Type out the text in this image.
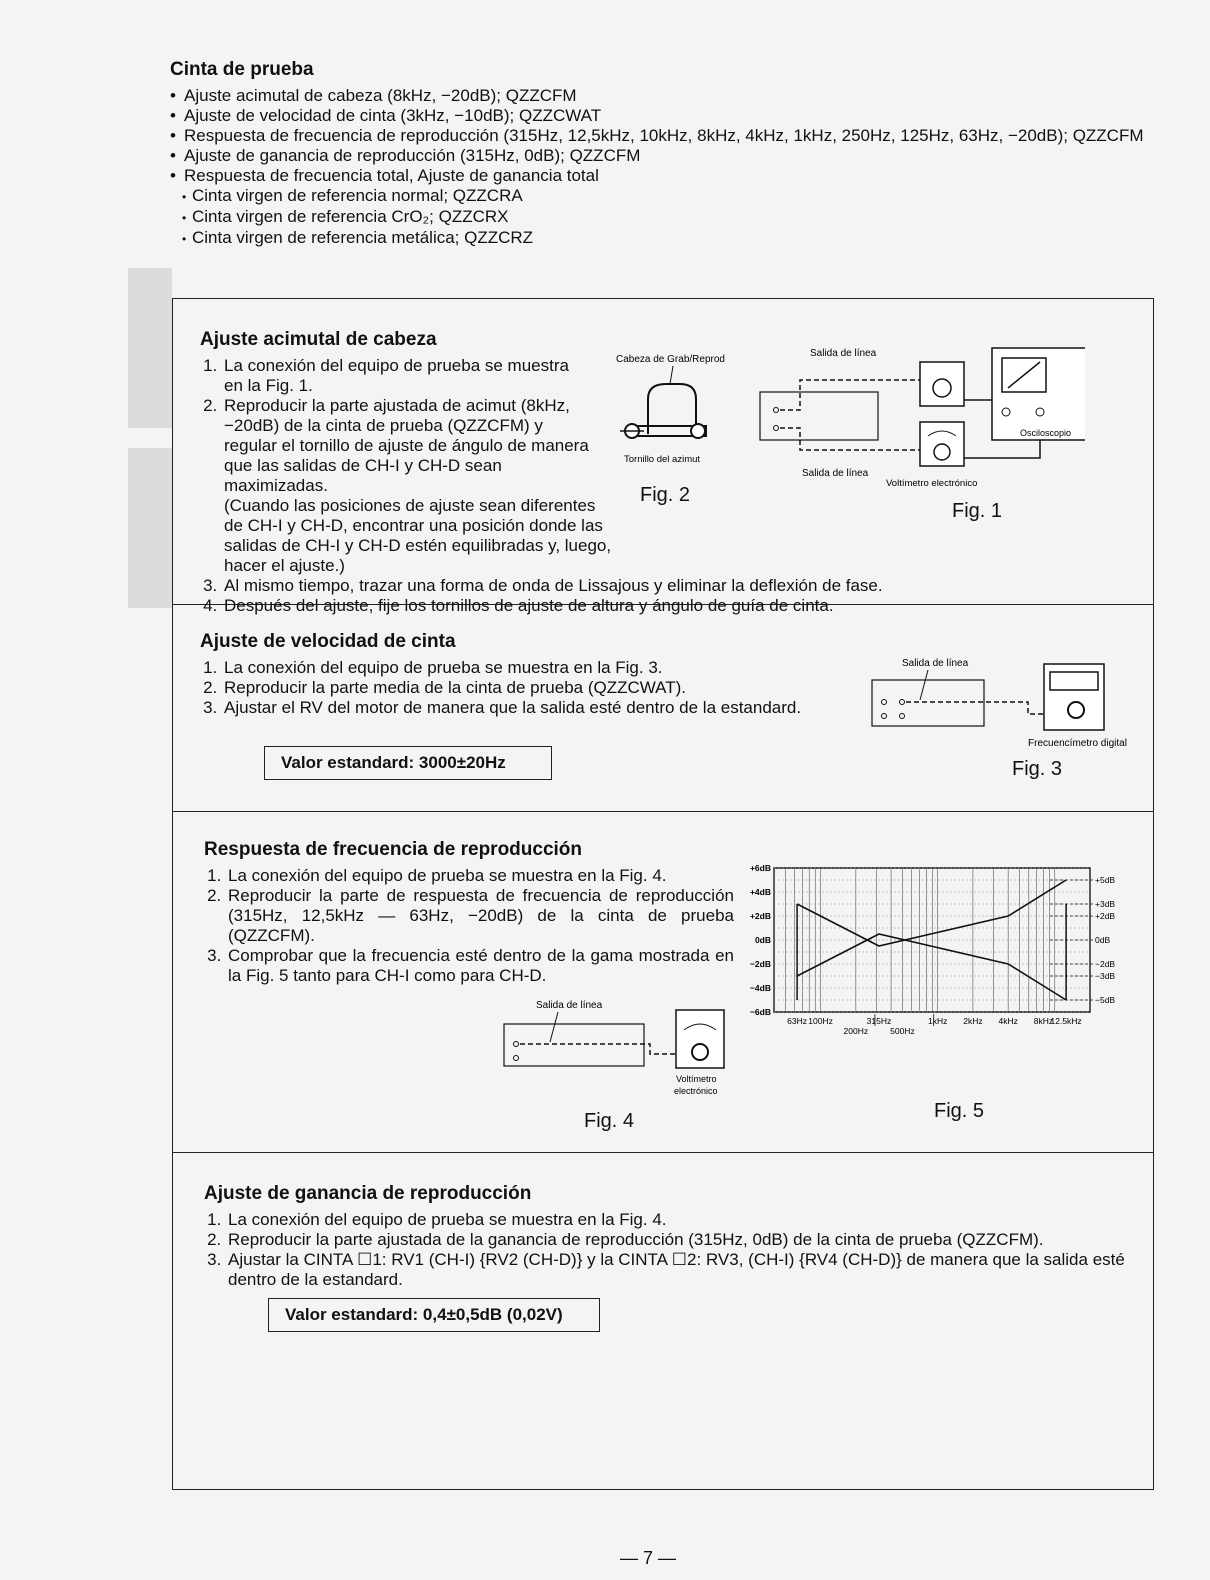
Cinta de prueba
• Ajuste acimutal de cabeza (8kHz, −20dB); QZZCFM
• Ajuste de velocidad de cinta (3kHz, −10dB); QZZCWAT
• Respuesta de frecuencia de reproducción (315Hz, 12,5kHz, 10kHz, 8kHz, 4kHz, 1kHz, 250Hz, 125Hz, 63Hz, −20dB); QZZCFM
• Ajuste de ganancia de reproducción (315Hz, 0dB); QZZCFM
• Respuesta de frecuencia total, Ajuste de ganancia total
• Cinta virgen de referencia normal; QZZCRA
• Cinta virgen de referencia CrO₂; QZZCRX
• Cinta virgen de referencia metálica; QZZCRZ
Ajuste acimutal de cabeza
1. La conexión del equipo de prueba se muestra en la Fig. 1.
2. Reproducir la parte ajustada de acimut (8kHz, −20dB) de la cinta de prueba (QZZCFM) y regular el tornillo de ajuste de ángulo de manera que las salidas de CH-I y CH-D sean maximizadas.
(Cuando las posiciones de ajuste sean diferentes de CH-I y CH-D, encontrar una posición donde las salidas de CH-I y CH-D estén equilibradas y, luego, hacer el ajuste.)
3. Al mismo tiempo, trazar una forma de onda de Lissajous y eliminar la deflexión de fase.
4. Después del ajuste, fije los tornillos de ajuste de altura y ángulo de guía de cinta.
Cabeza de Grab/Reprod
Tornillo del azimut
Fig. 2
Salida de línea
Osciloscopio
Salida de línea
Voltímetro electrónico
Fig. 1
Ajuste de velocidad de cinta
1. La conexión del equipo de prueba se muestra en la Fig. 3.
2. Reproducir la parte media de la cinta de prueba (QZZCWAT).
3. Ajustar el RV del motor de manera que la salida esté dentro de la estandard.
Valor estandard: 3000±20Hz
Salida de línea
Frecuencímetro digital
Fig. 3
Respuesta de frecuencia de reproducción
1. La conexión del equipo de prueba se muestra en la Fig. 4.
2. Reproducir la parte de respuesta de frecuencia de reproducción (315Hz, 12,5kHz — 63Hz, −20dB) de la cinta de prueba (QZZCFM).
3. Comprobar que la frecuencia esté dentro de la gama mostrada en la Fig. 5 tanto para CH-I como para CH-D.
Salida de línea
Voltímetro
electrónico
Fig. 4
+6dB
+4dB
+2dB
0dB
−2dB
−4dB
−6dB
+5dB
+3dB
+2dB
0dB
−2dB
−3dB
−5dB
63Hz 100Hz
200Hz
315Hz
500Hz
1kHz 2kHz 4kHz 8kHz
12.5kHz
Fig. 5
Ajuste de ganancia de reproducción
1. La conexión del equipo de prueba se muestra en la Fig. 4.
2. Reproducir la parte ajustada de la ganancia de reproducción (315Hz, 0dB) de la cinta de prueba (QZZCFM).
3. Ajustar la CINTA ☐1: RV1 (CH-I) {RV2 (CH-D)} y la CINTA ☐2: RV3, (CH-I) {RV4 (CH-D)} de manera que la salida esté dentro de la estandard.
Valor estandard: 0,4±0,5dB (0,02V)
— 7 —
